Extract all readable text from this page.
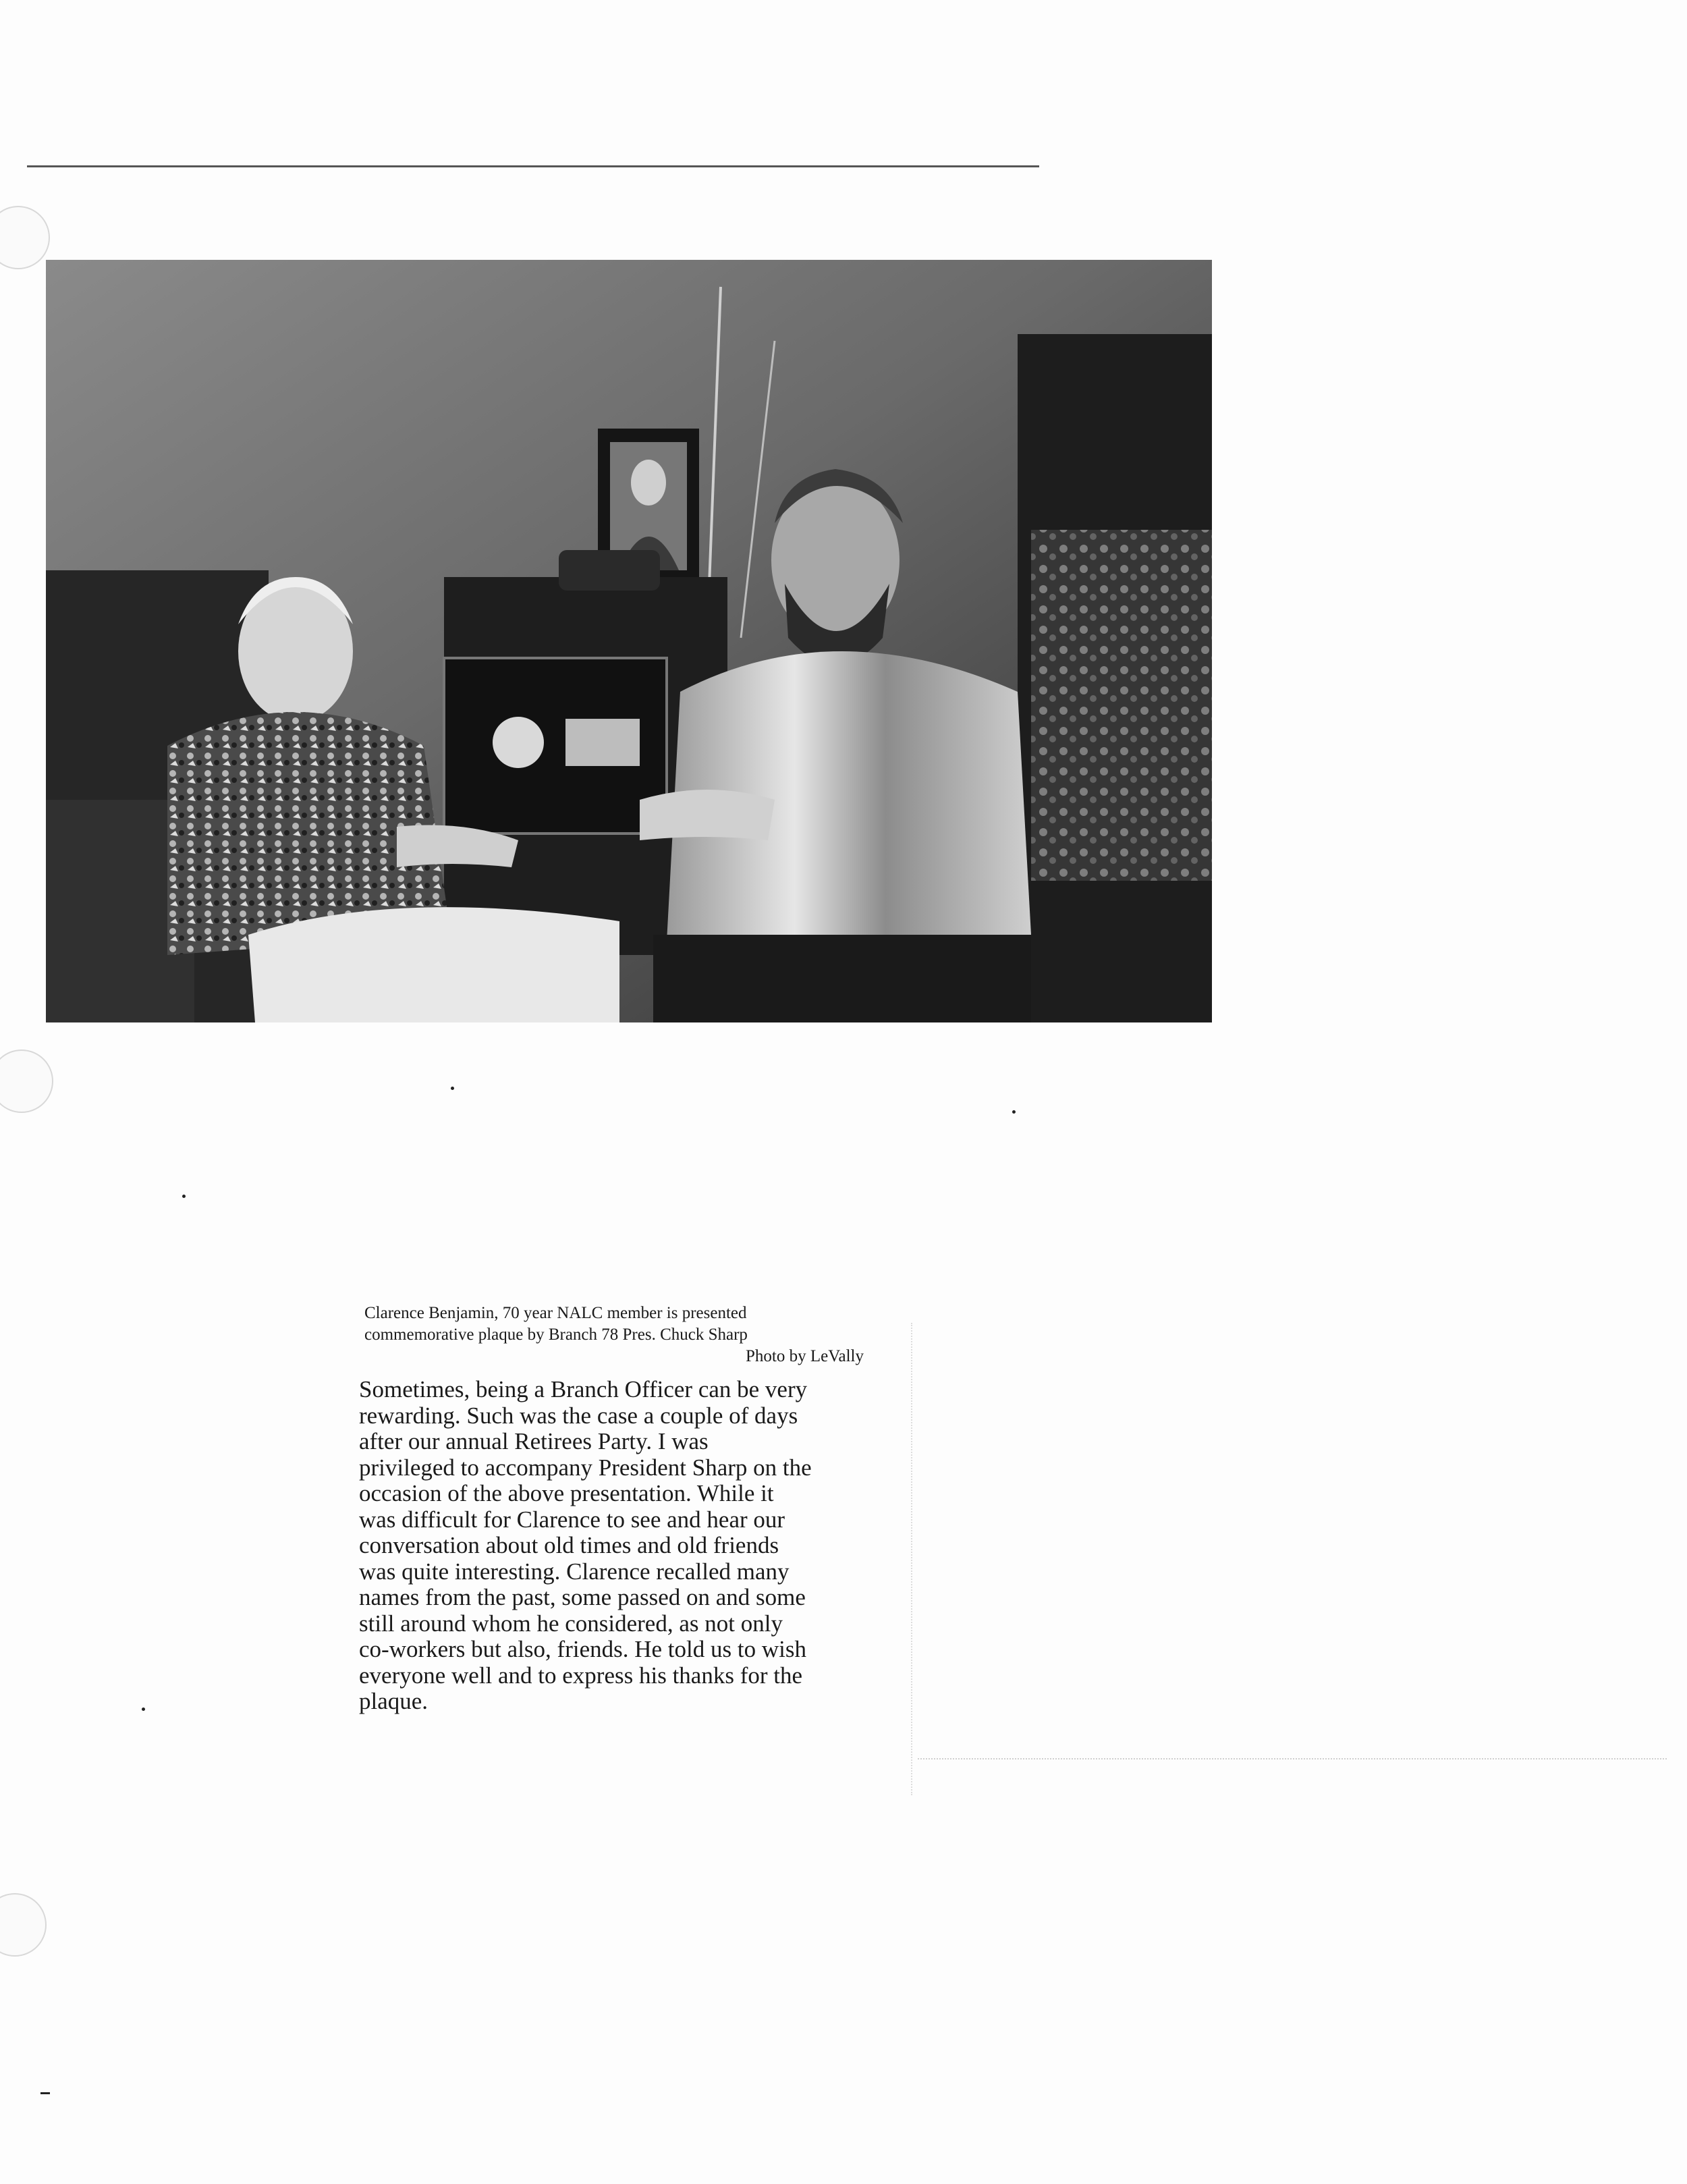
Clarence Benjamin, 70 year NALC member is presented
commemorative plaque by Branch 78 Pres. Chuck Sharp
Photo by LeVally
Sometimes, being a Branch Officer can be very
rewarding. Such was the case a couple of days
after our annual Retirees Party. I was
privileged to accompany President Sharp on the
occasion of the above presentation. While it
was difficult for Clarence to see and hear our
conversation about old times and old friends
was quite interesting. Clarence recalled many
names from the past, some passed on and some
still around whom he considered, as not only
co-workers but also, friends. He told us to wish
everyone well and to express his thanks for the
plaque.
